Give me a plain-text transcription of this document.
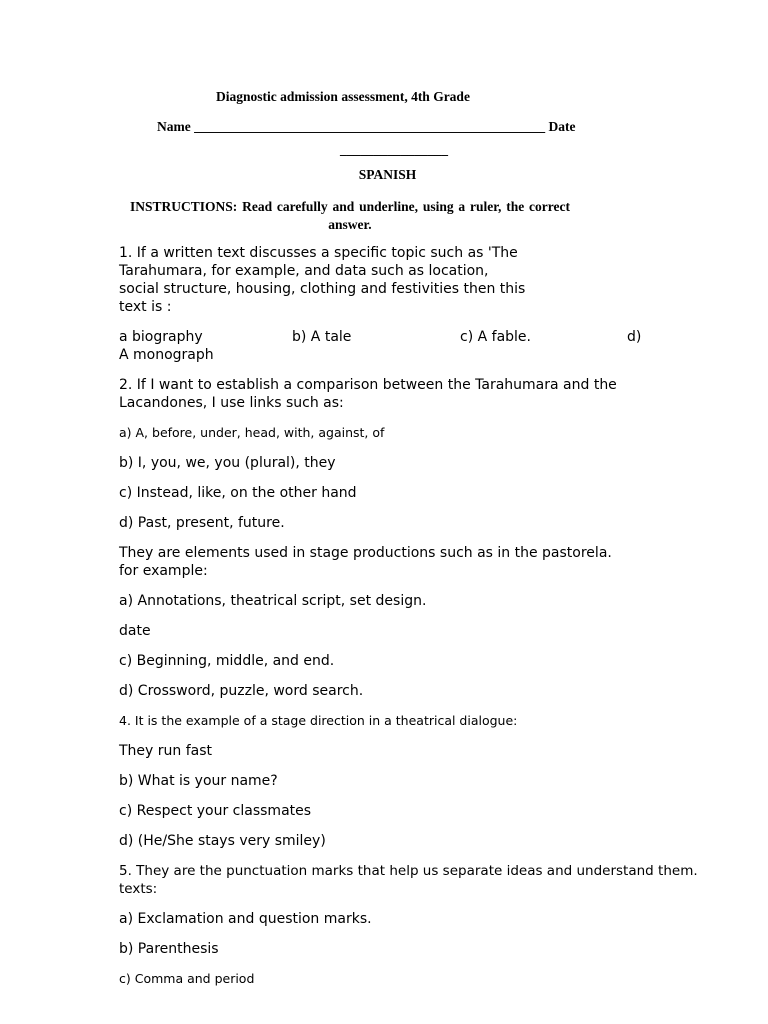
Diagnostic admission assessment, 4th Grade
Name ____________________________________________________ Date
________________
SPANISH
INSTRUCTIONS: Read carefully and underline, using a ruler, the correct answer.

1. If a written text discusses a specific topic such as 'The
Tarahumara, for example, and data such as location,
social structure, housing, clothing and festivities then this
text is :

a biography	b) A tale	c) A fable.	d)
A monograph

2. If I want to establish a comparison between the Tarahumara and the
Lacandones, I use links such as:

a) A, before, under, head, with, against, of

b) I, you, we, you (plural), they

c) Instead, like, on the other hand

d) Past, present, future.

They are elements used in stage productions such as in the pastorela.
for example:

a) Annotations, theatrical script, set design.

date

c) Beginning, middle, and end.

d) Crossword, puzzle, word search.

4. It is the example of a stage direction in a theatrical dialogue:

They run fast

b) What is your name?

c) Respect your classmates

d) (He/She stays very smiley)

5. They are the punctuation marks that help us separate ideas and understand them.
texts:

a) Exclamation and question marks.

b) Parenthesis

c) Comma and period
